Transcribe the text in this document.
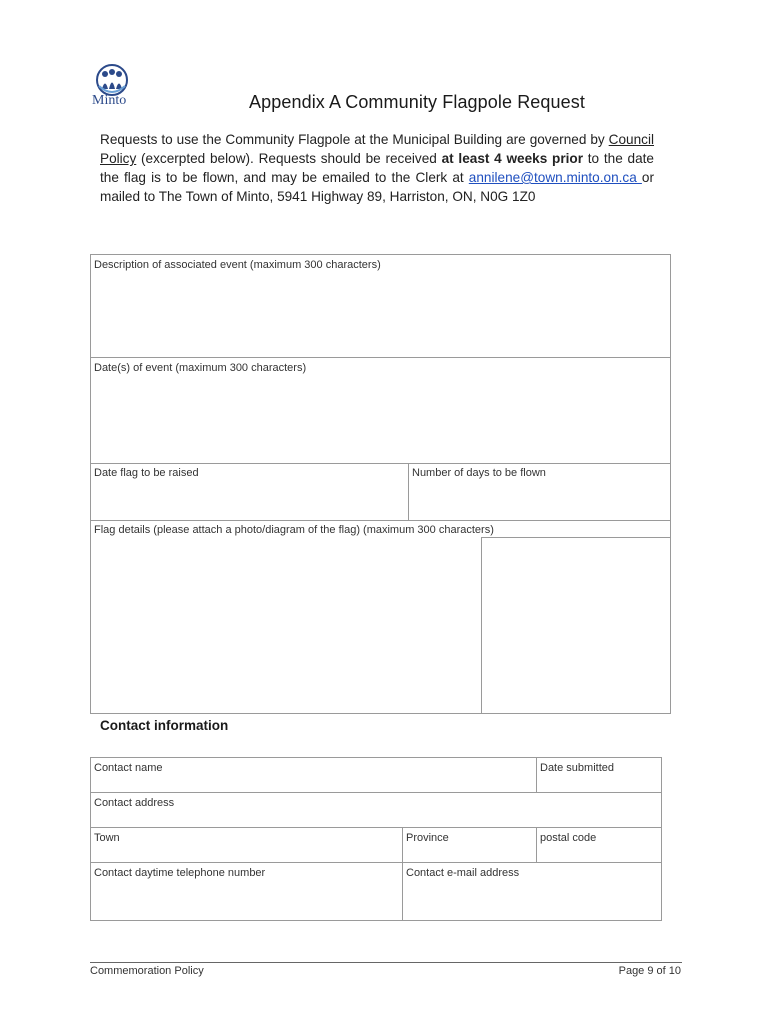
Minto	Appendix A Community Flagpole Request
Requests to use the Community Flagpole at the Municipal Building are governed by Council Policy (excerpted below). Requests should be received at least 4 weeks prior to the date the flag is to be flown, and may be emailed to the Clerk at annilene@town.minto.on.ca or mailed to The Town of Minto, 5941 Highway 89, Harriston, ON, N0G 1Z0
Description of associated event (maximum 300 characters)
Date(s) of event (maximum 300 characters)
Date flag to be raised	Number of days to be flown
Flag details (please attach a photo/diagram of the flag) (maximum 300 characters)
Contact information
Contact name	Date submitted
Contact address
Town	Province	postal code
Contact daytime telephone number	Contact e-mail address
Commemoration Policy	Page 9 of 10
